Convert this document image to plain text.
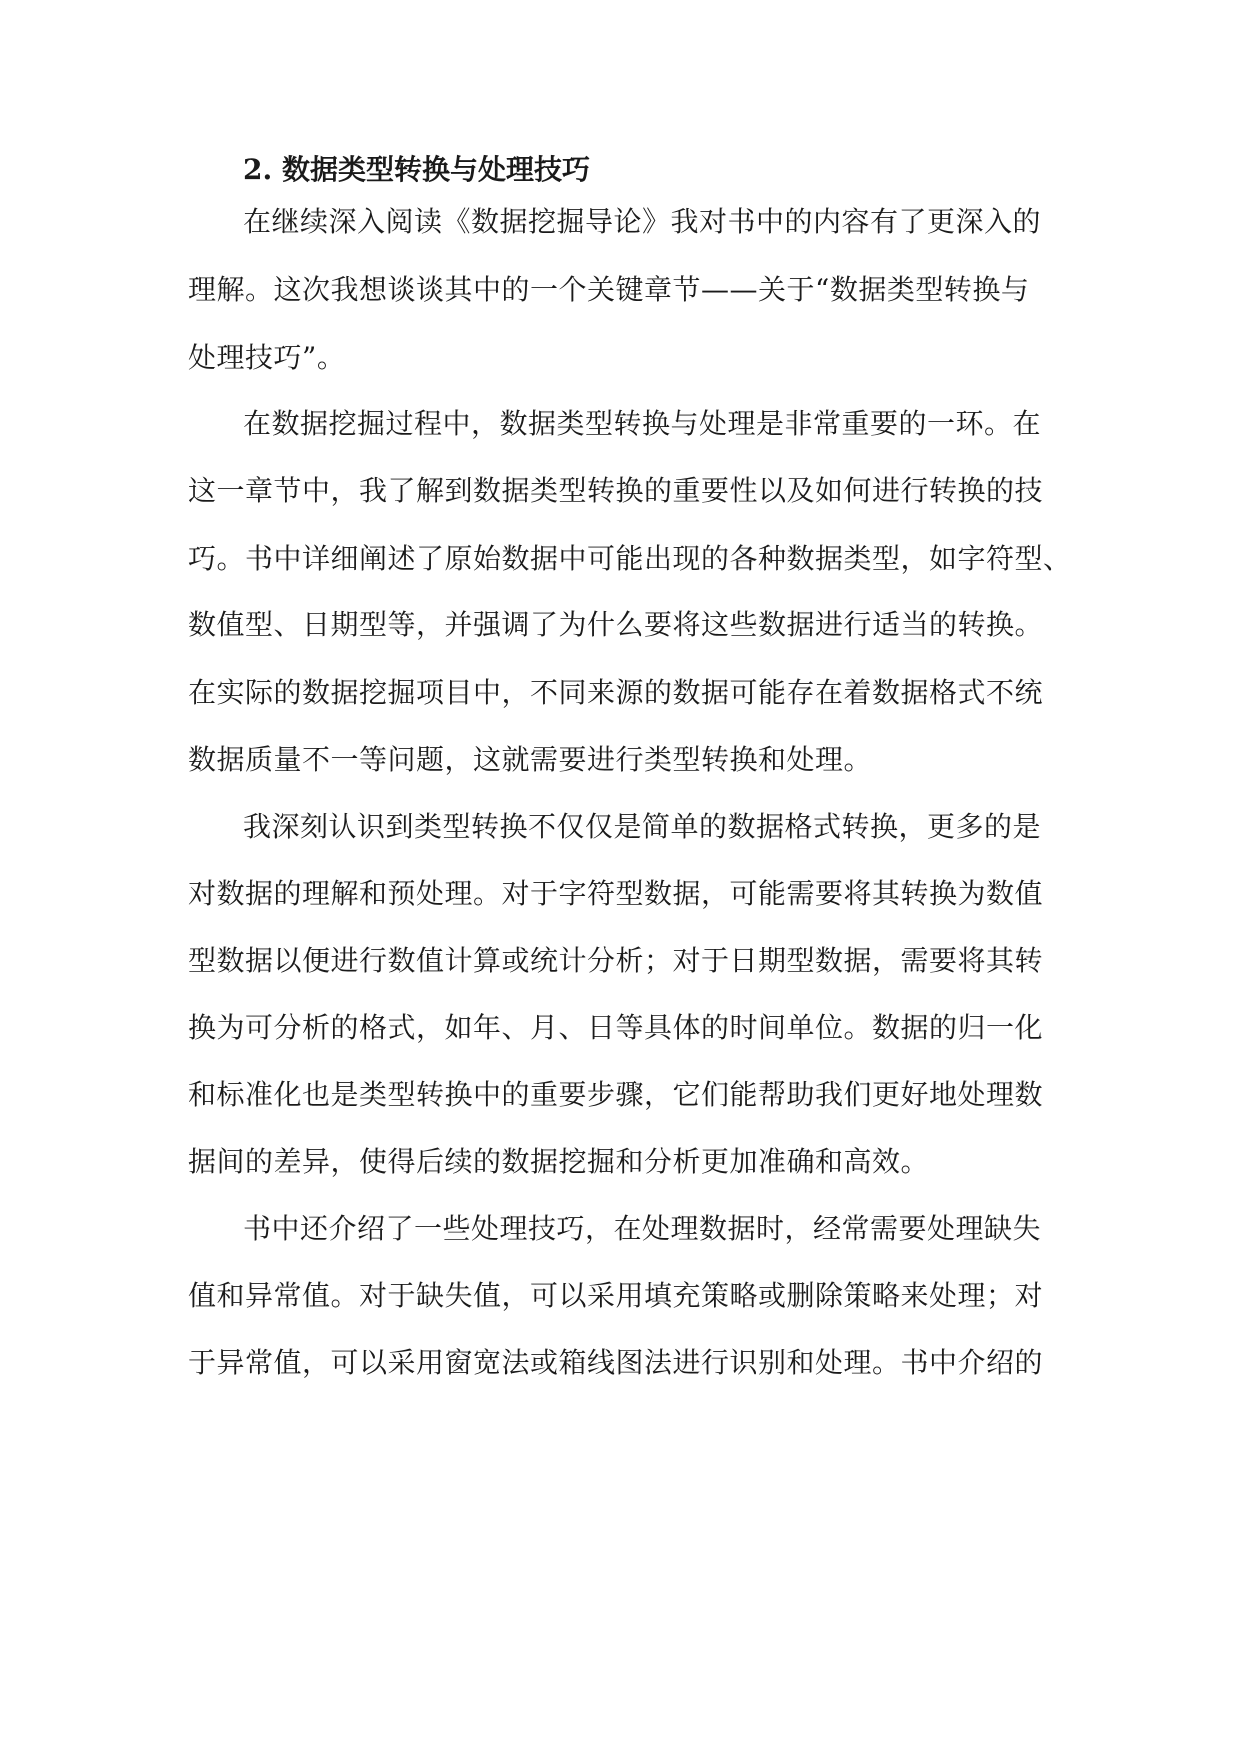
2. 数据类型转换与处理技巧
在继续深入阅读《数据挖掘导论》我对书中的内容有了更深入的
理解。这次我想谈谈其中的一个关键章节——关于“数据类型转换与
处理技巧”。
在数据挖掘过程中，数据类型转换与处理是非常重要的一环。在
这一章节中，我了解到数据类型转换的重要性以及如何进行转换的技
巧。书中详细阐述了原始数据中可能出现的各种数据类型，如字符型、
数值型、日期型等，并强调了为什么要将这些数据进行适当的转换。
在实际的数据挖掘项目中，不同来源的数据可能存在着数据格式不统
数据质量不一等问题，这就需要进行类型转换和处理。
我深刻认识到类型转换不仅仅是简单的数据格式转换，更多的是
对数据的理解和预处理。对于字符型数据，可能需要将其转换为数值
型数据以便进行数值计算或统计分析；对于日期型数据，需要将其转
换为可分析的格式，如年、月、日等具体的时间单位。数据的归一化
和标准化也是类型转换中的重要步骤，它们能帮助我们更好地处理数
据间的差异，使得后续的数据挖掘和分析更加准确和高效。
书中还介绍了一些处理技巧，在处理数据时，经常需要处理缺失
值和异常值。对于缺失值，可以采用填充策略或删除策略来处理；对
于异常值，可以采用窗宽法或箱线图法进行识别和处理。书中介绍的
